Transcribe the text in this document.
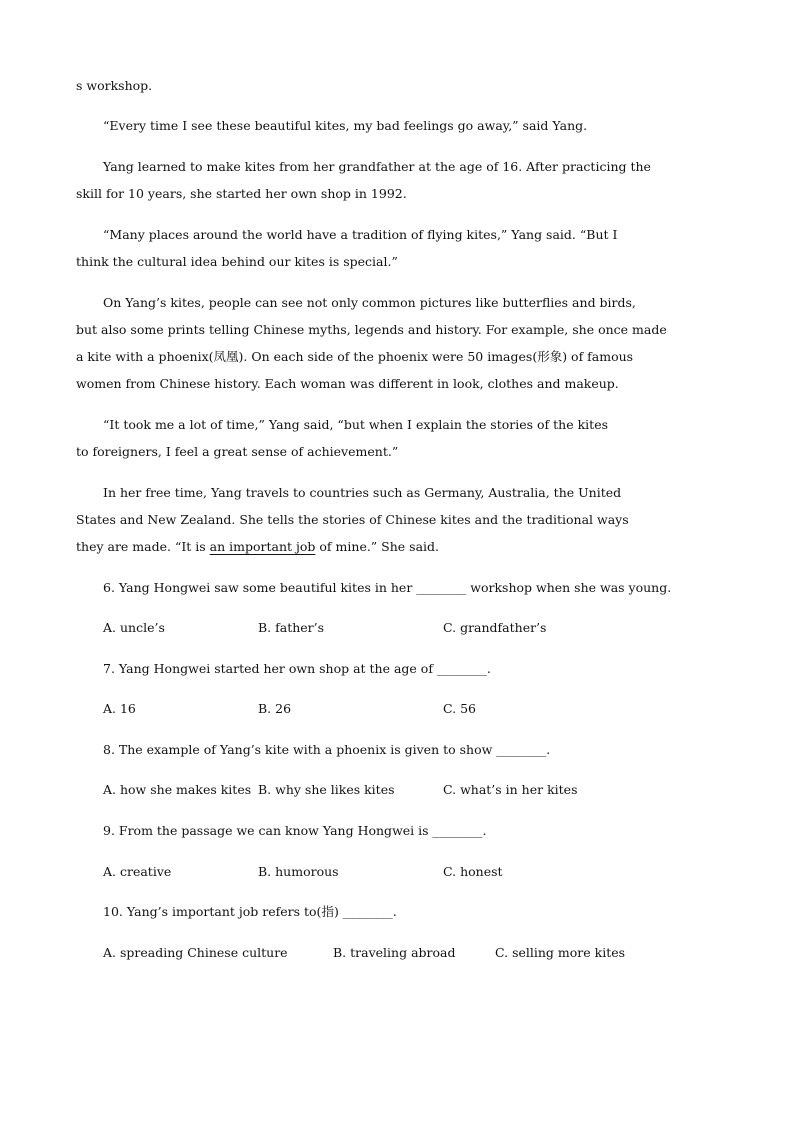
s workshop.
“Every time I see these beautiful kites, my bad feelings go away,” said Yang.
Yang learned to make kites from her grandfather at the age of 16. After practicing the
skill for 10 years, she started her own shop in 1992.
“Many places around the world have a tradition of flying kites,” Yang said. “But I
think the cultural idea behind our kites is special.”
On Yang’s kites, people can see not only common pictures like butterflies and birds,
but also some prints telling Chinese myths, legends and history. For example, she once made
a kite with a phoenix(凤凰). On each side of the phoenix were 50 images(形象) of famous
women from Chinese history. Each woman was different in look, clothes and makeup.
“It took me a lot of time,” Yang said, “but when I explain the stories of the kites
to foreigners, I feel a great sense of achievement.”
In her free time, Yang travels to countries such as Germany, Australia, the United
States and New Zealand. She tells the stories of Chinese kites and the traditional ways
they are made. “It is an important job of mine.” She said.
6. Yang Hongwei saw some beautiful kites in her ________ workshop when she was young.
A. uncle’s	B. father’s	C. grandfather’s
7. Yang Hongwei started her own shop at the age of ________.
A. 16	B. 26	C. 56
8. The example of Yang’s kite with a phoenix is given to show ________.
A. how she makes kites B. why she likes kites	C. what’s in her kites
9. From the passage we can know Yang Hongwei is ________.
A. creative	B. humorous	C. honest
10. Yang’s important job refers to(指) ________.
A. spreading Chinese culture	B. traveling abroad	C. selling more kites
